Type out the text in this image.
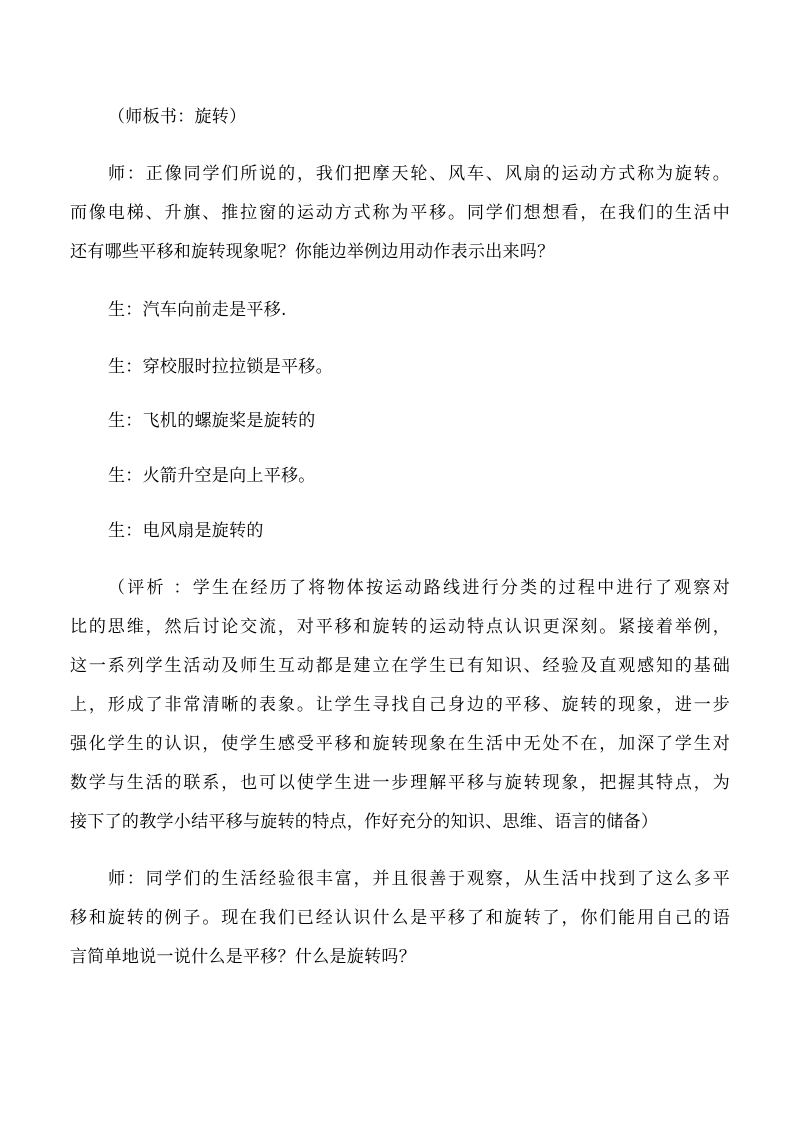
（师板书：旋转）
师：正像同学们所说的，我们把摩天轮、风车、风扇的运动方式称为旋转。
而像电梯、升旗、推拉窗的运动方式称为平移。同学们想想看，在我们的生活中
还有哪些平移和旋转现象呢？你能边举例边用动作表示出来吗？
生：汽车向前走是平移.
生：穿校服时拉拉锁是平移。
生：飞机的螺旋桨是旋转的
生：火箭升空是向上平移。
生：电风扇是旋转的
（评析 ：学生在经历了将物体按运动路线进行分类的过程中进行了观察对
比的思维，然后讨论交流，对平移和旋转的运动特点认识更深刻。紧接着举例，
这一系列学生活动及师生互动都是建立在学生已有知识、经验及直观感知的基础
上，形成了非常清晰的表象。让学生寻找自己身边的平移、旋转的现象，进一步
强化学生的认识，使学生感受平移和旋转现象在生活中无处不在，加深了学生对
数学与生活的联系，也可以使学生进一步理解平移与旋转现象，把握其特点，为
接下了的教学小结平移与旋转的特点，作好充分的知识、思维、语言的储备）
师：同学们的生活经验很丰富，并且很善于观察，从生活中找到了这么多平
移和旋转的例子。现在我们已经认识什么是平移了和旋转了，你们能用自己的语
言简单地说一说什么是平移？什么是旋转吗？
